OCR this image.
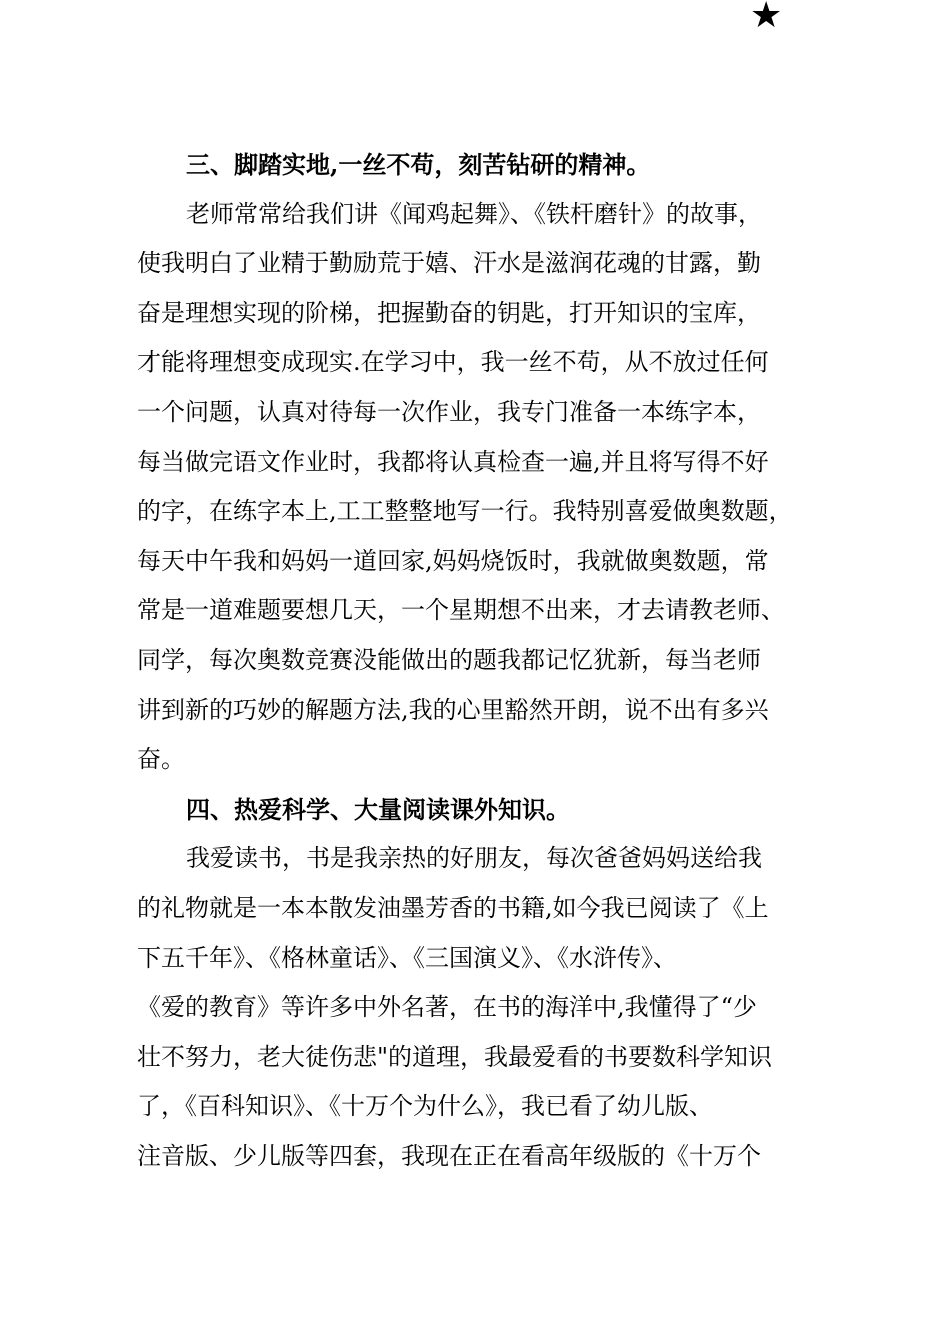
★
三、脚踏实地,一丝不苟，刻苦钻研的精神。
老师常常给我们讲《闻鸡起舞》、《铁杆磨针》的故事，
使我明白了业精于勤励荒于嬉、汗水是滋润花魂的甘露，勤
奋是理想实现的阶梯，把握勤奋的钥匙，打开知识的宝库，
才能将理想变成现实.在学习中，我一丝不苟，从不放过任何
一个问题，认真对待每一次作业，我专门准备一本练字本，
每当做完语文作业时，我都将认真检查一遍,并且将写得不好
的字，在练字本上,工工整整地写一行。我特别喜爱做奥数题，
每天中午我和妈妈一道回家,妈妈烧饭时，我就做奥数题，常
常是一道难题要想几天，一个星期想不出来，才去请教老师、
同学，每次奥数竞赛没能做出的题我都记忆犹新，每当老师
讲到新的巧妙的解题方法,我的心里豁然开朗，说不出有多兴
奋。
四、热爱科学、大量阅读课外知识。
我爱读书，书是我亲热的好朋友，每次爸爸妈妈送给我
的礼物就是一本本散发油墨芳香的书籍,如今我已阅读了《上
下五千年》、《格林童话》、《三国演义》、《水浒传》、
《爱的教育》等许多中外名著，在书的海洋中,我懂得了“少
壮不努力，老大徒伤悲"的道理，我最爱看的书要数科学知识
了，《百科知识》、《十万个为什么》，我已看了幼儿版、
注音版、少儿版等四套，我现在正在看高年级版的《十万个
